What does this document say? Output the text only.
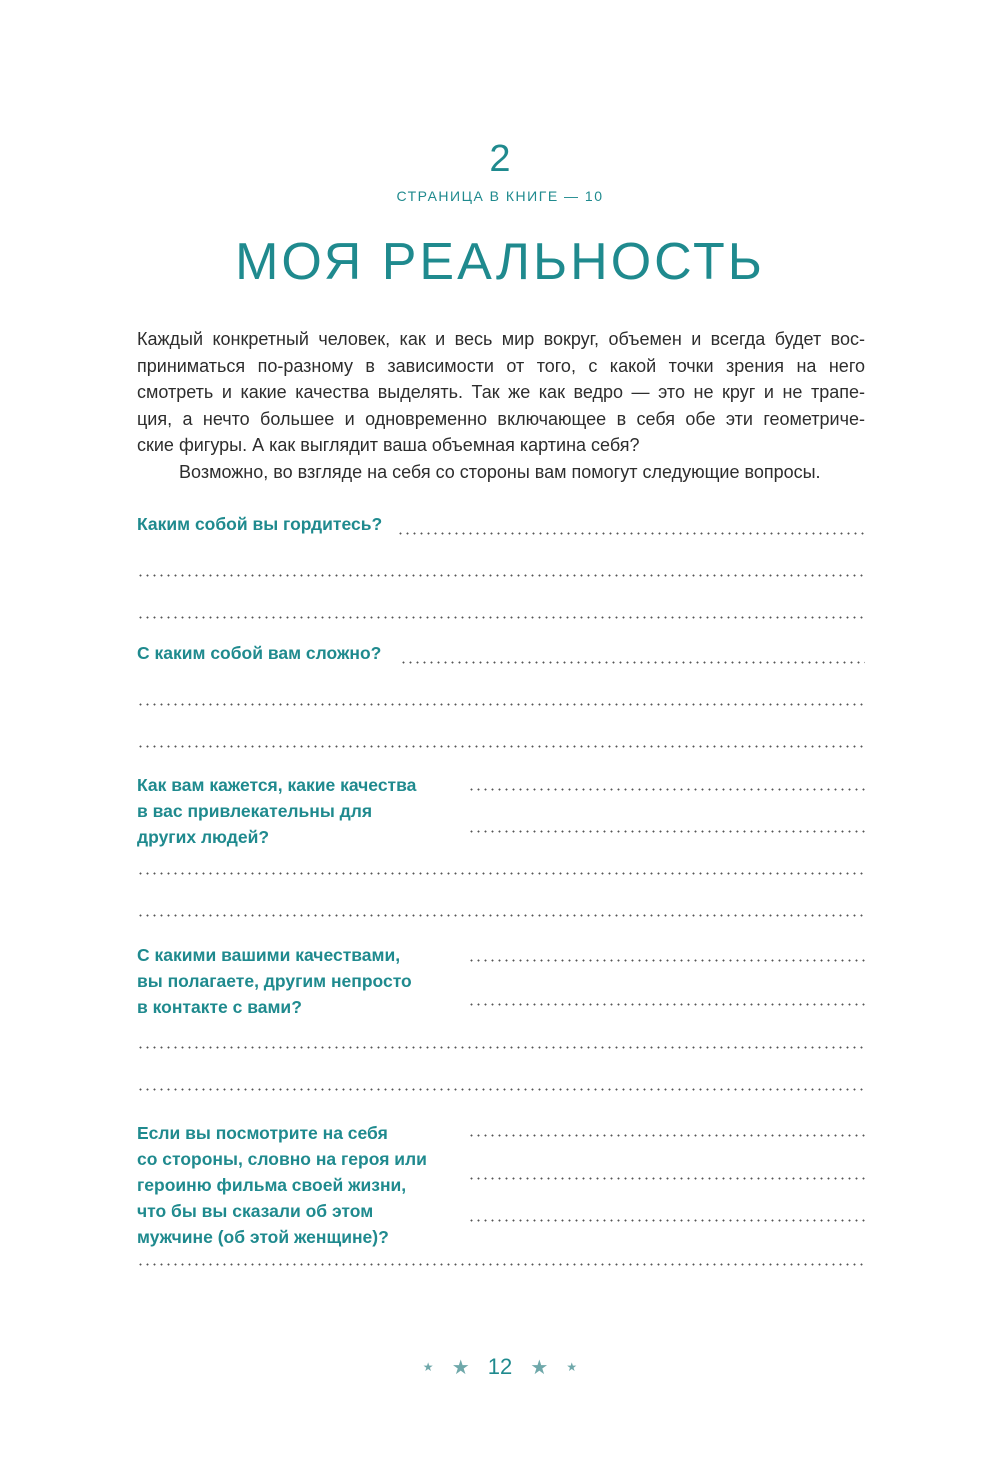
2
СТРАНИЦА В КНИГЕ — 10
МОЯ РЕАЛЬНОСТЬ

Каждый конкретный человек, как и весь мир вокруг, объемен и всегда будет вос-
приниматься по-разному в зависимости от того, с какой точки зрения на него
смотреть и какие качества выделять. Так же как ведро — это не круг и не трапе-
ция, а нечто большее и одновременно включающее в себя обе эти геометриче-
ские фигуры. А как выглядит ваша объемная картина себя?

Возможно, во взгляде на себя со стороны вам помогут следующие вопросы.

Каким собой вы гордитесь?
С каким собой вам сложно?
Как вам кажется, какие качества
в вас привлекательны для
других людей?
С какими вашими качествами,
вы полагаете, другим непросто
в контакте с вами?
Если вы посмотрите на себя
со стороны, словно на героя или
героиню фильма своей жизни,
что бы вы сказали об этом
мужчине (об этой женщине)?
★ ★ 12 ★ ★
